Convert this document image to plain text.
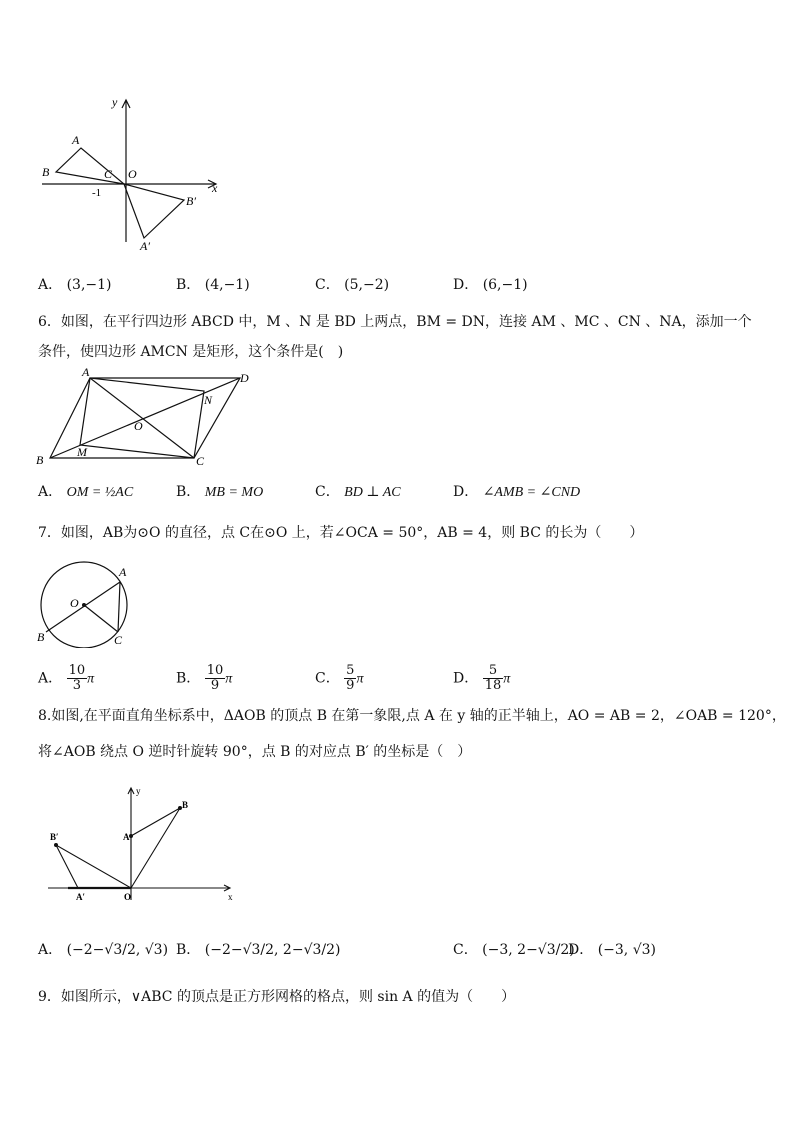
y
x
A
B	C O
-1
B′
A′
A． (3,−1)	B． (4,−1)	C． (5,−2)	D． (6,−1)
6．如图，在平行四边形 ABCD 中，M 、N 是 BD 上两点，BM = DN，连接 AM 、MC 、CN 、NA，添加一个
条件，使四边形 AMCN 是矩形，这个条件是(　)
A	D
B	C
M
N
O
A． OM = ½AC	B． MB = MO	C． BD ⊥ AC	D． ∠AMB = ∠CND
7．如图，AB为⊙O 的直径，点 C在⊙O 上，若∠OCA = 50°，AB = 4，则 BC 的长为（　　）
A
O
B	C
A． $\frac{10}{3}$ π	B． $\frac{10}{9}$ π	C． $\frac{5}{9}$ π	D． $\frac{5}{18}$ π
8.如图,在平面直角坐标系中，ΔAOB 的顶点 B 在第一象限,点 A 在 y 轴的正半轴上，AO = AB = 2，∠OAB = 120°，
将∠AOB 绕点 O 逆时针旋转 90°，点 B 的对应点 B′ 的坐标是（　）
y
x
A
B
O
B′
A′
A． (−2−√3/2, √3) B． (−2−√3/2, 2−√3/2)	C． (−3, 2−√3/2)
D． (−3, √3)
9．如图所示，∨ABC 的顶点是正方形网格的格点，则 sin A 的值为（　　）
